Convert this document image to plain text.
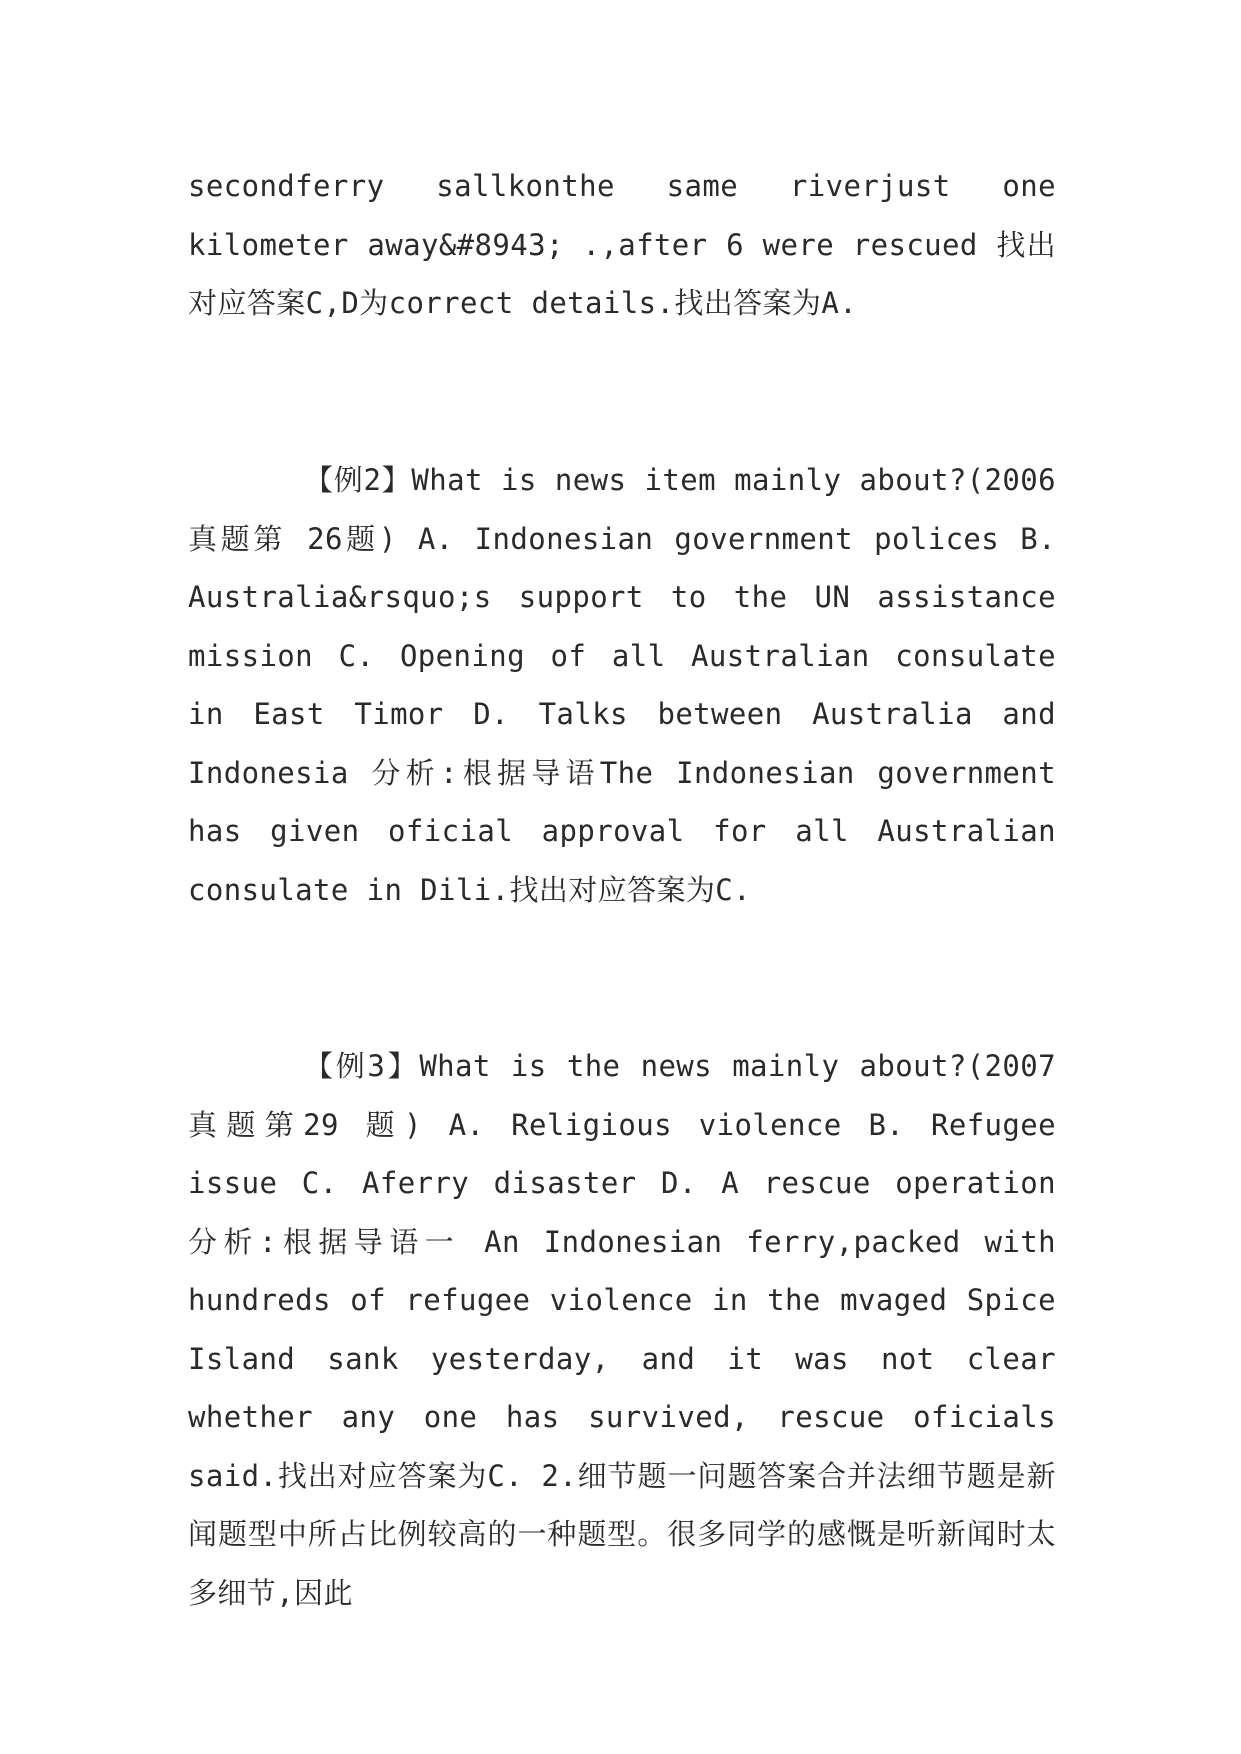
secondferry sallkonthe same riverjust one kilometer away&#8943; .,after 6 were rescued 找出对应答案C,D为correct details.找出答案为A.

【例2】What is news item mainly about?(2006真题第 26题) A. Indonesian government polices B. Australia&rsquo;s support to the UN assistance mission C. Opening of all Australian consulate in East Timor D. Talks between Australia and Indonesia 分析:根据导语The Indonesian government has given oficial approval for all Australian consulate in Dili.找出对应答案为C.

【例3】What is the news mainly about?(2007真题第29 题) A. Religious violence B. Refugee issue C. Aferry disaster D. A rescue operation 分析:根据导语一 An Indonesian ferry,packed with hundreds of refugee violence in the mvaged Spice Island sank yesterday, and it was not clear whether any one has survived, rescue oficials said.找出对应答案为C. 2.细节题一问题答案合并法细节题是新闻题型中所占比例较高的一种题型。很多同学的感慨是听新闻时太多细节,因此
